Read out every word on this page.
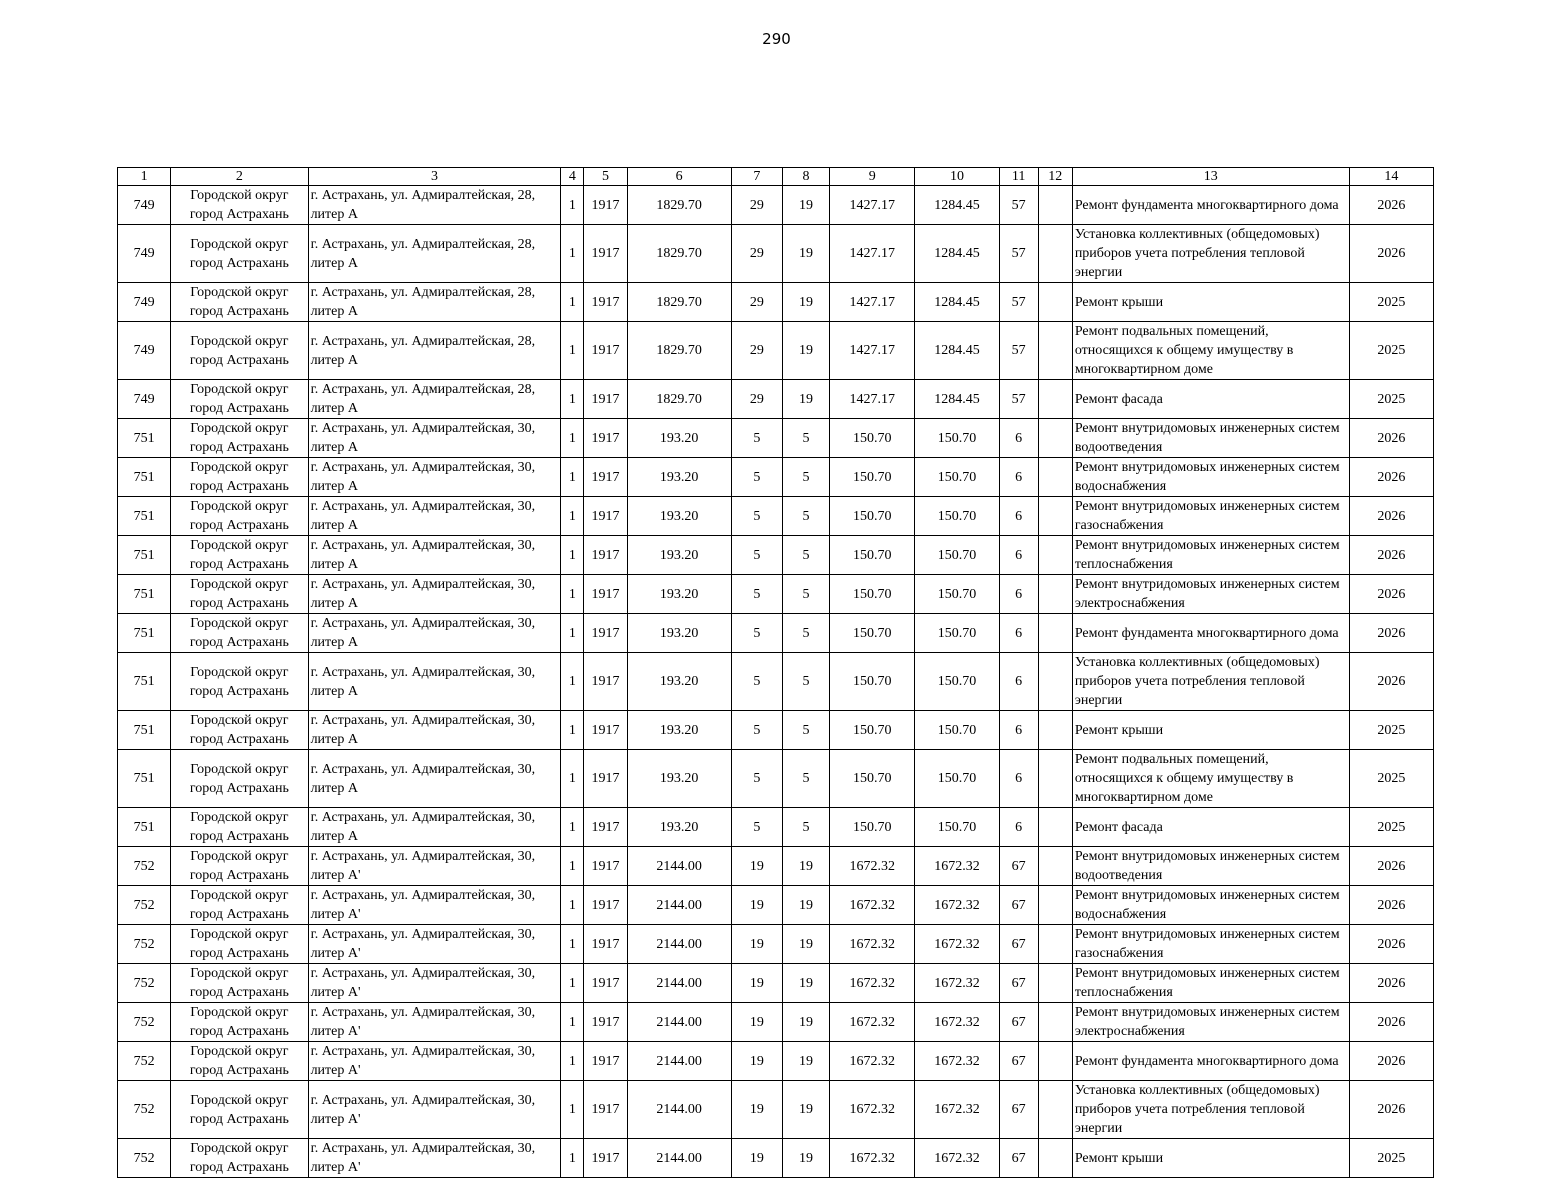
290
1	2	3	4	5	6	7	8	9	10	11	12	13	14
749	Городской округ город Астрахань	г. Астрахань, ул. Адмиралтейская, 28, литер А	1	1917	1829.70	29	19	1427.17	1284.45	57		Ремонт фундамента многоквартирного дома	2026
749	Городской округ город Астрахань	г. Астрахань, ул. Адмиралтейская, 28, литер А	1	1917	1829.70	29	19	1427.17	1284.45	57		Установка коллективных (общедомовых) приборов учета потребления тепловой энергии	2026
749	Городской округ город Астрахань	г. Астрахань, ул. Адмиралтейская, 28, литер А	1	1917	1829.70	29	19	1427.17	1284.45	57		Ремонт крыши	2025
749	Городской округ город Астрахань	г. Астрахань, ул. Адмиралтейская, 28, литер А	1	1917	1829.70	29	19	1427.17	1284.45	57		Ремонт подвальных помещений, относящихся к общему имуществу в многоквартирном доме	2025
749	Городской округ город Астрахань	г. Астрахань, ул. Адмиралтейская, 28, литер А	1	1917	1829.70	29	19	1427.17	1284.45	57		Ремонт фасада	2025
751	Городской округ город Астрахань	г. Астрахань, ул. Адмиралтейская, 30, литер А	1	1917	193.20	5	5	150.70	150.70	6		Ремонт внутридомовых инженерных систем водоотведения	2026
751	Городской округ город Астрахань	г. Астрахань, ул. Адмиралтейская, 30, литер А	1	1917	193.20	5	5	150.70	150.70	6		Ремонт внутридомовых инженерных систем водоснабжения	2026
751	Городской округ город Астрахань	г. Астрахань, ул. Адмиралтейская, 30, литер А	1	1917	193.20	5	5	150.70	150.70	6		Ремонт внутридомовых инженерных систем газоснабжения	2026
751	Городской округ город Астрахань	г. Астрахань, ул. Адмиралтейская, 30, литер А	1	1917	193.20	5	5	150.70	150.70	6		Ремонт внутридомовых инженерных систем теплоснабжения	2026
751	Городской округ город Астрахань	г. Астрахань, ул. Адмиралтейская, 30, литер А	1	1917	193.20	5	5	150.70	150.70	6		Ремонт внутридомовых инженерных систем электроснабжения	2026
751	Городской округ город Астрахань	г. Астрахань, ул. Адмиралтейская, 30, литер А	1	1917	193.20	5	5	150.70	150.70	6		Ремонт фундамента многоквартирного дома	2026
751	Городской округ город Астрахань	г. Астрахань, ул. Адмиралтейская, 30, литер А	1	1917	193.20	5	5	150.70	150.70	6		Установка коллективных (общедомовых) приборов учета потребления тепловой энергии	2026
751	Городской округ город Астрахань	г. Астрахань, ул. Адмиралтейская, 30, литер А	1	1917	193.20	5	5	150.70	150.70	6		Ремонт крыши	2025
751	Городской округ город Астрахань	г. Астрахань, ул. Адмиралтейская, 30, литер А	1	1917	193.20	5	5	150.70	150.70	6		Ремонт подвальных помещений, относящихся к общему имуществу в многоквартирном доме	2025
751	Городской округ город Астрахань	г. Астрахань, ул. Адмиралтейская, 30, литер А	1	1917	193.20	5	5	150.70	150.70	6		Ремонт фасада	2025
752	Городской округ город Астрахань	г. Астрахань, ул. Адмиралтейская, 30, литер А'	1	1917	2144.00	19	19	1672.32	1672.32	67		Ремонт внутридомовых инженерных систем водоотведения	2026
752	Городской округ город Астрахань	г. Астрахань, ул. Адмиралтейская, 30, литер А'	1	1917	2144.00	19	19	1672.32	1672.32	67		Ремонт внутридомовых инженерных систем водоснабжения	2026
752	Городской округ город Астрахань	г. Астрахань, ул. Адмиралтейская, 30, литер А'	1	1917	2144.00	19	19	1672.32	1672.32	67		Ремонт внутридомовых инженерных систем газоснабжения	2026
752	Городской округ город Астрахань	г. Астрахань, ул. Адмиралтейская, 30, литер А'	1	1917	2144.00	19	19	1672.32	1672.32	67		Ремонт внутридомовых инженерных систем теплоснабжения	2026
752	Городской округ город Астрахань	г. Астрахань, ул. Адмиралтейская, 30, литер А'	1	1917	2144.00	19	19	1672.32	1672.32	67		Ремонт внутридомовых инженерных систем электроснабжения	2026
752	Городской округ город Астрахань	г. Астрахань, ул. Адмиралтейская, 30, литер А'	1	1917	2144.00	19	19	1672.32	1672.32	67		Ремонт фундамента многоквартирного дома	2026
752	Городской округ город Астрахань	г. Астрахань, ул. Адмиралтейская, 30, литер А'	1	1917	2144.00	19	19	1672.32	1672.32	67		Установка коллективных (общедомовых) приборов учета потребления тепловой энергии	2026
752	Городской округ город Астрахань	г. Астрахань, ул. Адмиралтейская, 30, литер А'	1	1917	2144.00	19	19	1672.32	1672.32	67		Ремонт крыши	2025
